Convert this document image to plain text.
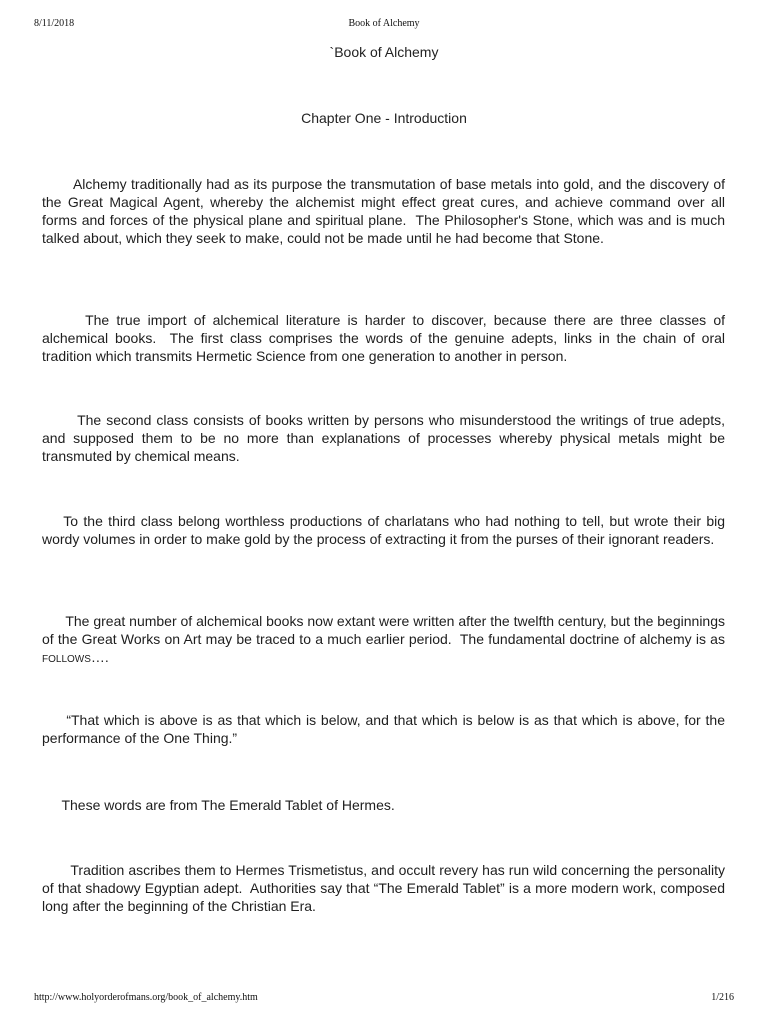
8/11/2018	Book of Alchemy
`Book of Alchemy
Chapter One - Introduction

Alchemy traditionally had as its purpose the transmutation of base metals into gold, and the discovery of the Great Magical Agent, whereby the alchemist might effect great cures, and achieve command over all forms and forces of the physical plane and spiritual plane.  The Philosopher's Stone, which was and is much talked about, which they seek to make, could not be made until he had become that Stone.

The true import of alchemical literature is harder to discover, because there are three classes of alchemical books.  The first class comprises the words of the genuine adepts, links in the chain of oral tradition which transmits Hermetic Science from one generation to another in person.

The second class consists of books written by persons who misunderstood the writings of true adepts, and supposed them to be no more than explanations of processes whereby physical metals might be transmuted by chemical means.

To the third class belong worthless productions of charlatans who had nothing to tell, but wrote their big wordy volumes in order to make gold by the process of extracting it from the purses of their ignorant readers.

The great number of alchemical books now extant were written after the twelfth century, but the beginnings of the Great Works on Art may be traced to a much earlier period.  The fundamental doctrine of alchemy is as follows….

“That which is above is as that which is below, and that which is below is as that which is above, for the performance of the One Thing.”

These words are from The Emerald Tablet of Hermes.

Tradition ascribes them to Hermes Trismetistus, and occult revery has run wild concerning the personality of that shadowy Egyptian adept.  Authorities say that “The Emerald Tablet” is a more modern work, composed long after the beginning of the Christian Era.

http://www.holyorderofmans.org/book_of_alchemy.htm	1/216
